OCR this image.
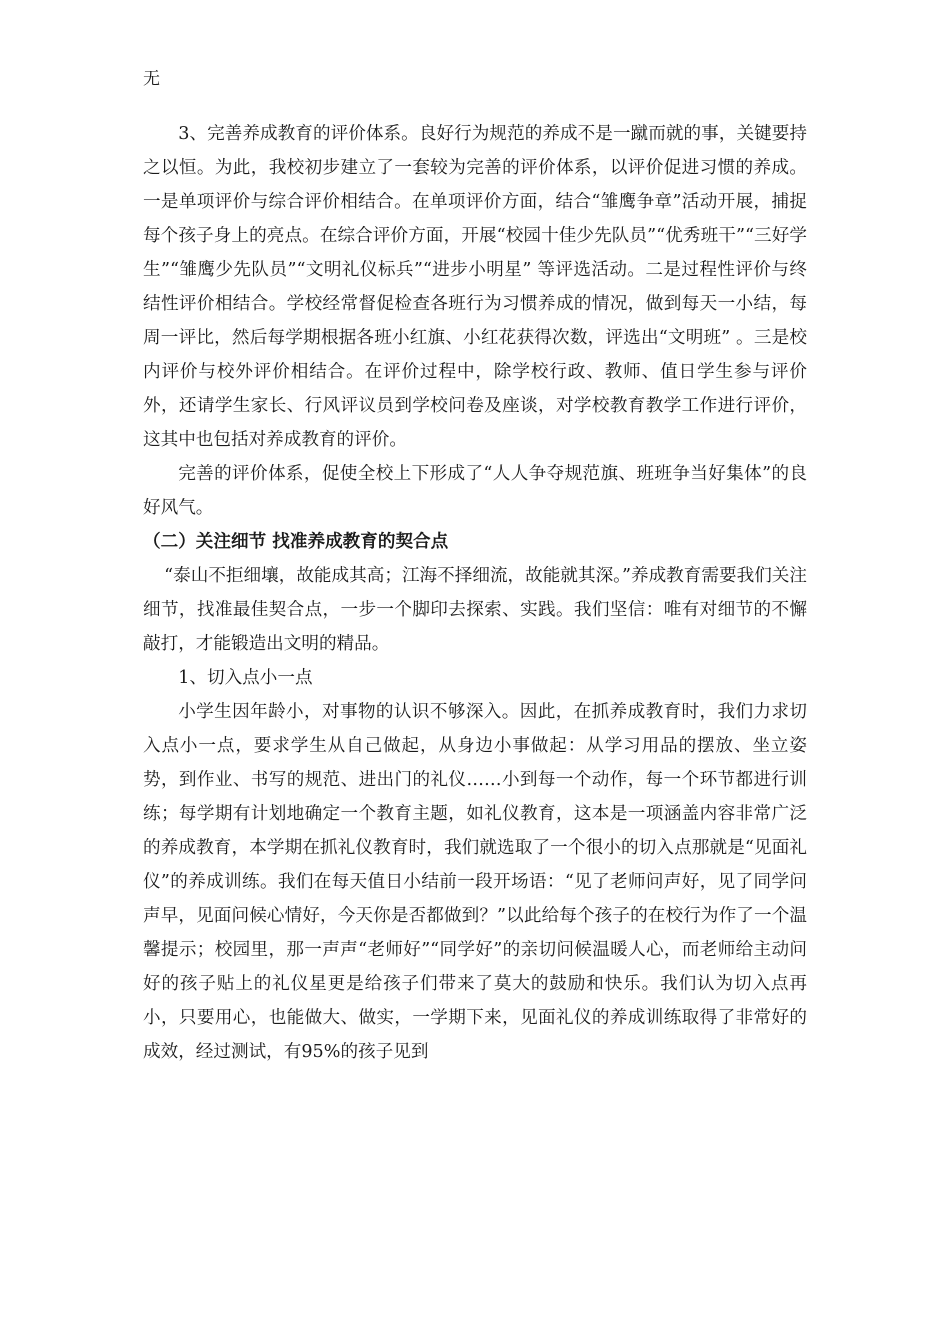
无

3、完善养成教育的评价体系。良好行为规范的养成不是一蹴而就的事，关键要持之以恒。为此，我校初步建立了一套较为完善的评价体系，以评价促进习惯的养成。一是单项评价与综合评价相结合。在单项评价方面，结合“雏鹰争章”活动开展，捕捉每个孩子身上的亮点。在综合评价方面，开展“校园十佳少先队员”“优秀班干”“三好学生”“雏鹰少先队员”“文明礼仪标兵”“进步小明星” 等评选活动。二是过程性评价与终结性评价相结合。学校经常督促检查各班行为习惯养成的情况，做到每天一小结，每周一评比，然后每学期根据各班小红旗、小红花获得次数，评选出“文明班” 。三是校内评价与校外评价相结合。在评价过程中，除学校行政、教师、值日学生参与评价外，还请学生家长、行风评议员到学校问卷及座谈，对学校教育教学工作进行评价，这其中也包括对养成教育的评价。

完善的评价体系，促使全校上下形成了“人人争夺规范旗、班班争当好集体”的良好风气。

（二）关注细节 找准养成教育的契合点

“泰山不拒细壤，故能成其高；江海不择细流，故能就其深。”养成教育需要我们关注细节，找准最佳契合点，一步一个脚印去探索、实践。我们坚信：唯有对细节的不懈敲打，才能锻造出文明的精品。

1、切入点小一点

小学生因年龄小，对事物的认识不够深入。因此，在抓养成教育时，我们力求切入点小一点，要求学生从自己做起，从身边小事做起：从学习用品的摆放、坐立姿势，到作业、书写的规范、进出门的礼仪……小到每一个动作，每一个环节都进行训练；每学期有计划地确定一个教育主题，如礼仪教育，这本是一项涵盖内容非常广泛的养成教育，本学期在抓礼仪教育时，我们就选取了一个很小的切入点那就是“见面礼仪”的养成训练。我们在每天值日小结前一段开场语：“见了老师问声好，见了同学问声早，见面问候心情好，今天你是否都做到？”以此给每个孩子的在校行为作了一个温馨提示；校园里，那一声声“老师好”“同学好”的亲切问候温暖人心，而老师给主动问好的孩子贴上的礼仪星更是给孩子们带来了莫大的鼓励和快乐。我们认为切入点再小，只要用心，也能做大、做实，一学期下来，见面礼仪的养成训练取得了非常好的成效，经过测试，有95%的孩子见到
